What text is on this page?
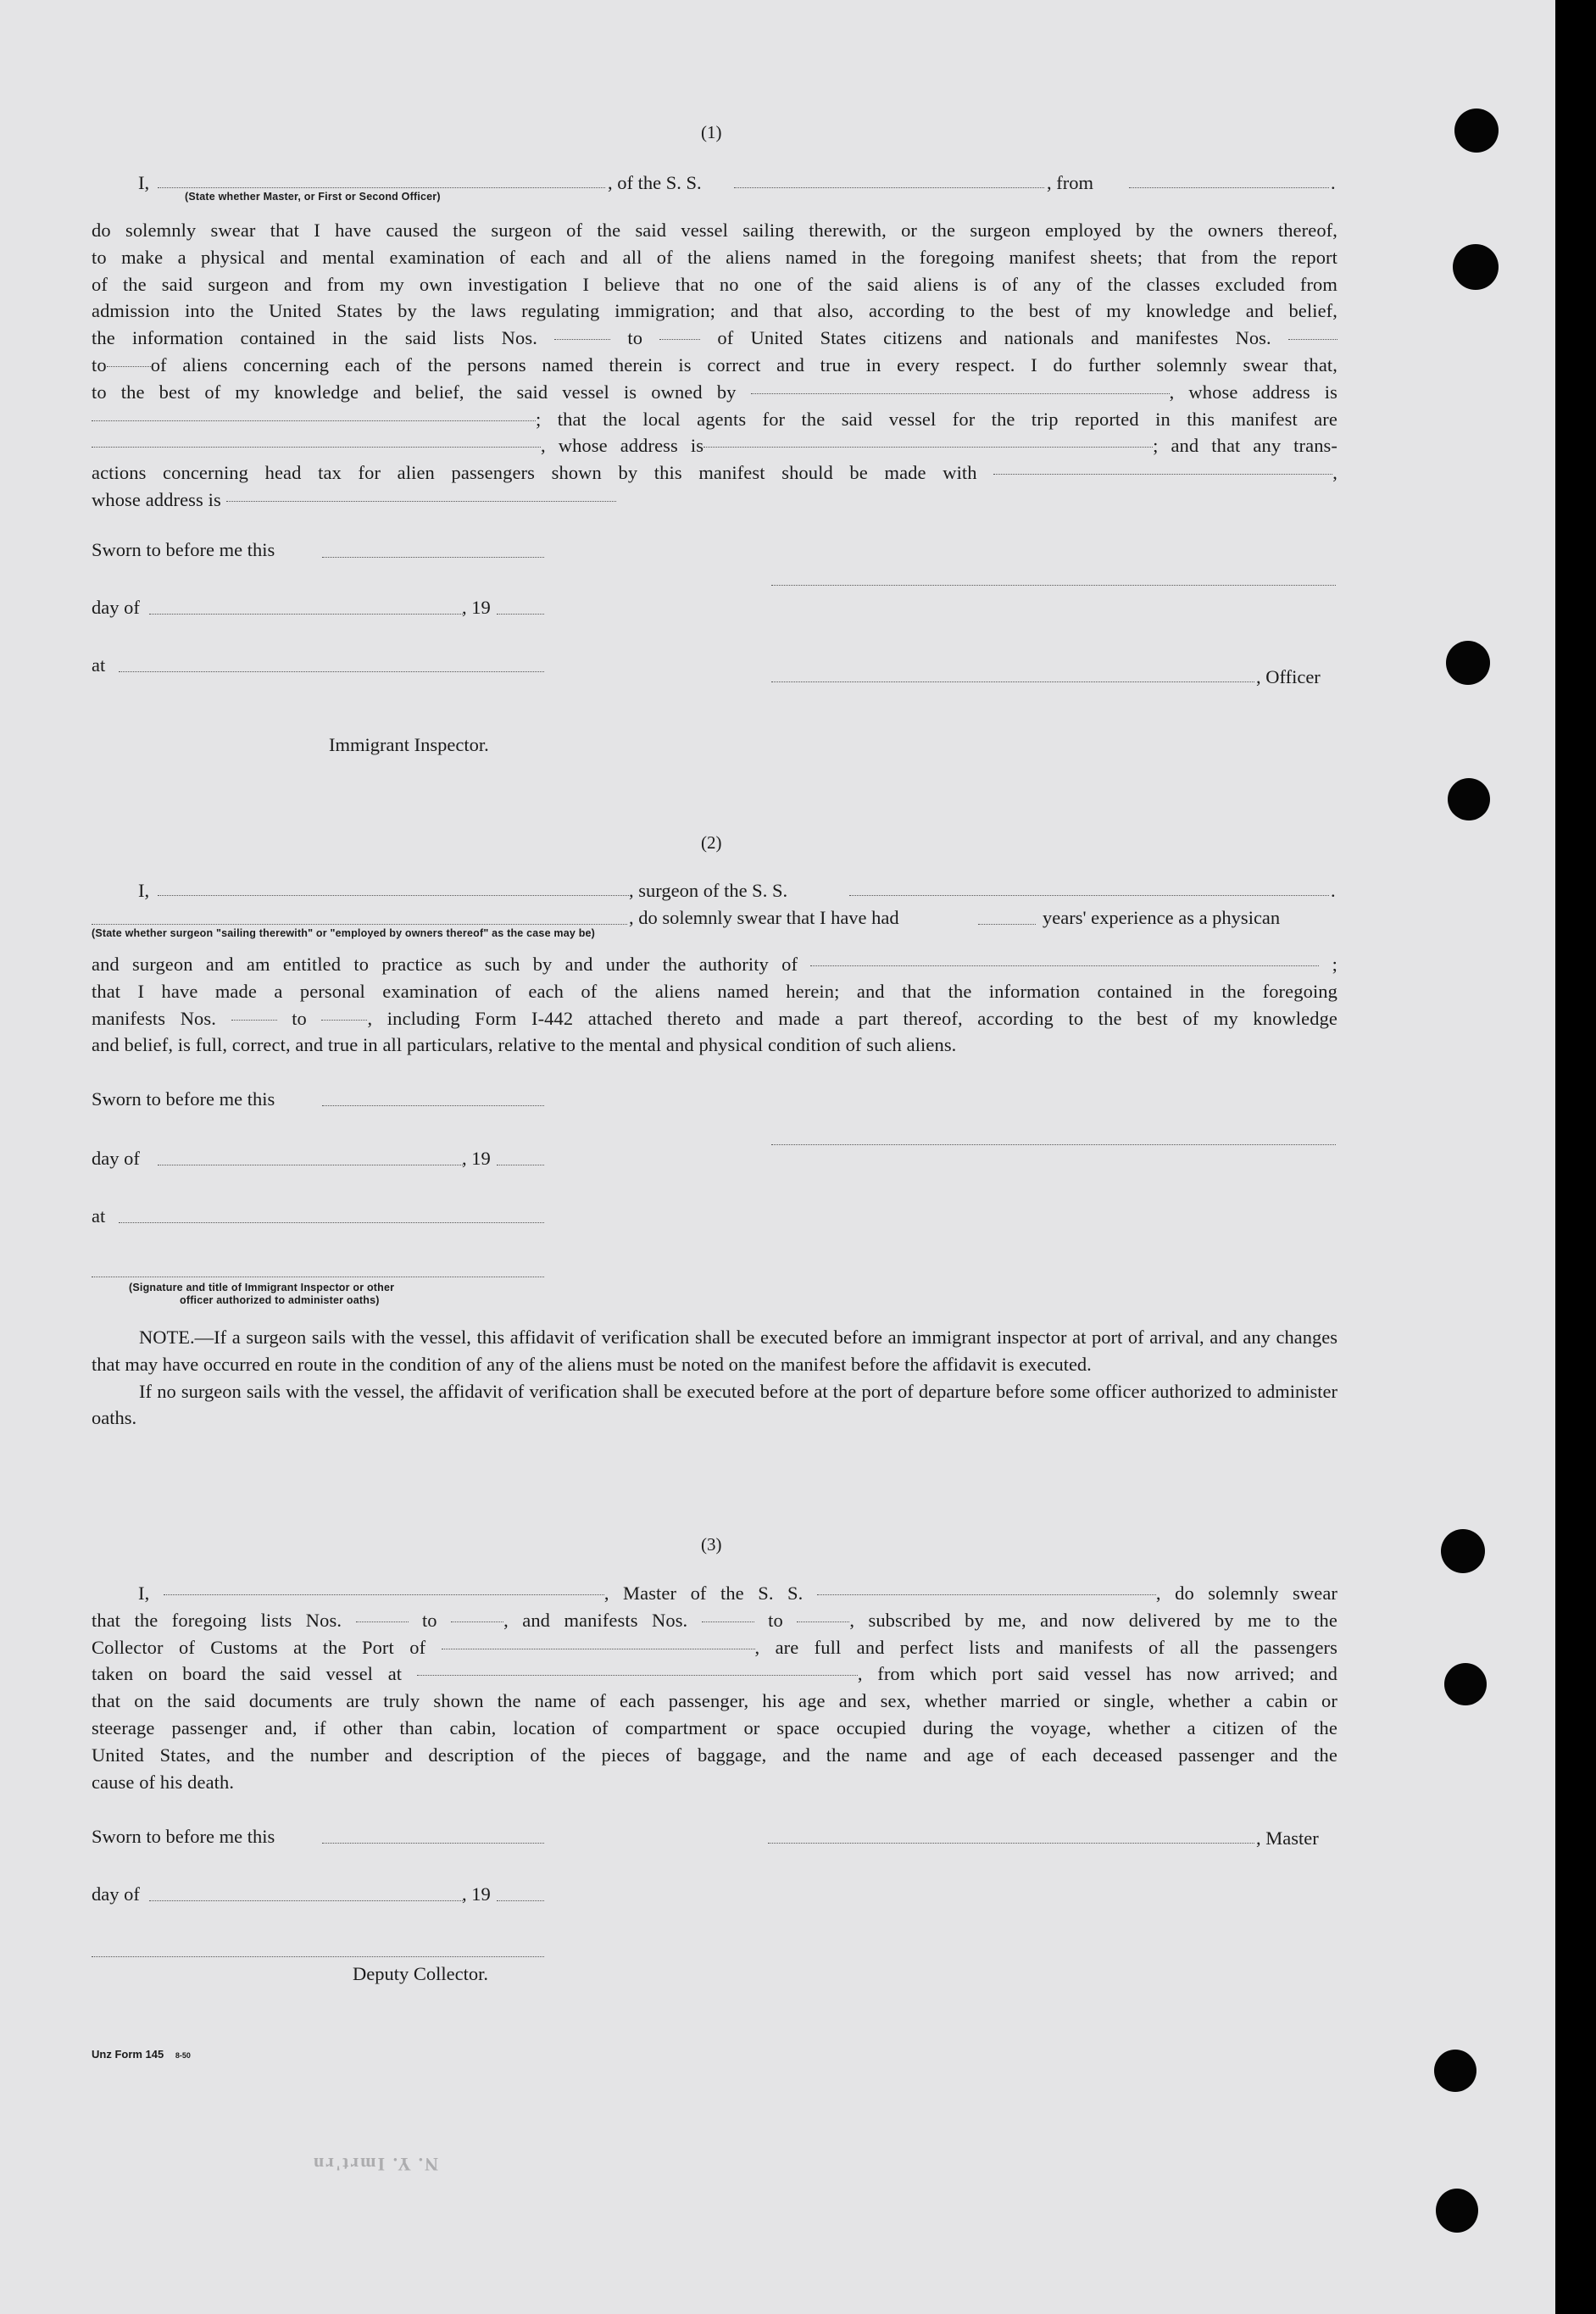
(1)
I,	, of the S. S.	, from	.
(State whether Master, or First or Second Officer)
do solemnly swear that I have caused the surgeon of the said vessel sailing therewith, or the surgeon employed by the owners thereof,
to make a physical and mental examination of each and all of the aliens named in the foregoing manifest sheets; that from the report
of the said surgeon and from my own investigation I believe that no one of the said aliens is of any of the classes excluded from
admission into the United States by the laws regulating immigration; and that also, according to the best of my knowledge and belief,
the information contained in the said lists Nos.	to	of United States citizens and nationals and manifestes Nos.
to of aliens concerning each of the persons named therein is correct and true in every respect. I do further solemnly swear that,
to the best of my knowledge and belief, the said vessel is owned by	, whose address is
; that the local agents for the said vessel for the trip reported in this manifest are
, whose address is	; and that any trans-
actions concerning head tax for alien passengers shown by this manifest should be made with	,
whose address is
Sworn to before me this
day of	, 19
at
, Officer
Immigrant Inspector.
(2)
I,	, surgeon of the S. S.	.
, do solemnly swear that I have had	years' experience as a physican
(State whether surgeon "sailing therewith" or "employed by owners thereof" as the case may be)
and surgeon and am entitled to practice as such by and under the authority of	;
that I have made a personal examination of each of the aliens named herein; and that the information contained in the foregoing
manifests Nos.	to	, including Form I-442 attached thereto and made a part thereof, according to the best of my knowledge
and belief, is full, correct, and true in all particulars, relative to the mental and physical condition of such aliens.
Sworn to before me this
day of	, 19
at
(Signature and title of Immigrant Inspector or other
officer authorized to administer oaths)
NOTE.—If a surgeon sails with the vessel, this affidavit of verification shall be executed before an immigrant inspector at port of arrival, and any changes that may have occurred en route in the condition of any of the aliens must be noted on the manifest before the affidavit is executed.
If no surgeon sails with the vessel, the affidavit of verification shall be executed before at the port of departure before some officer authorized to administer oaths.
(3)
I,	, Master of the S. S.	, do solemnly swear
that the foregoing lists Nos.	to	, and manifests Nos.	to	, subscribed by me, and now delivered by me to the
Collector of Customs at the Port of	, are full and perfect lists and manifests of all the passengers
taken on board the said vessel at	, from which port said vessel has now arrived; and
that on the said documents are truly shown the name of each passenger, his age and sex, whether married or single, whether a cabin or
steerage passenger and, if other than cabin, location of compartment or space occupied during the voyage, whether a citizen of the
United States, and the number and description of the pieces of baggage, and the name and age of each deceased passenger and the
cause of his death.
Sworn to before me this	, Master
day of	, 19
Deputy Collector.
Unz Form 145 8-50
N. Y. Imrt'rn
